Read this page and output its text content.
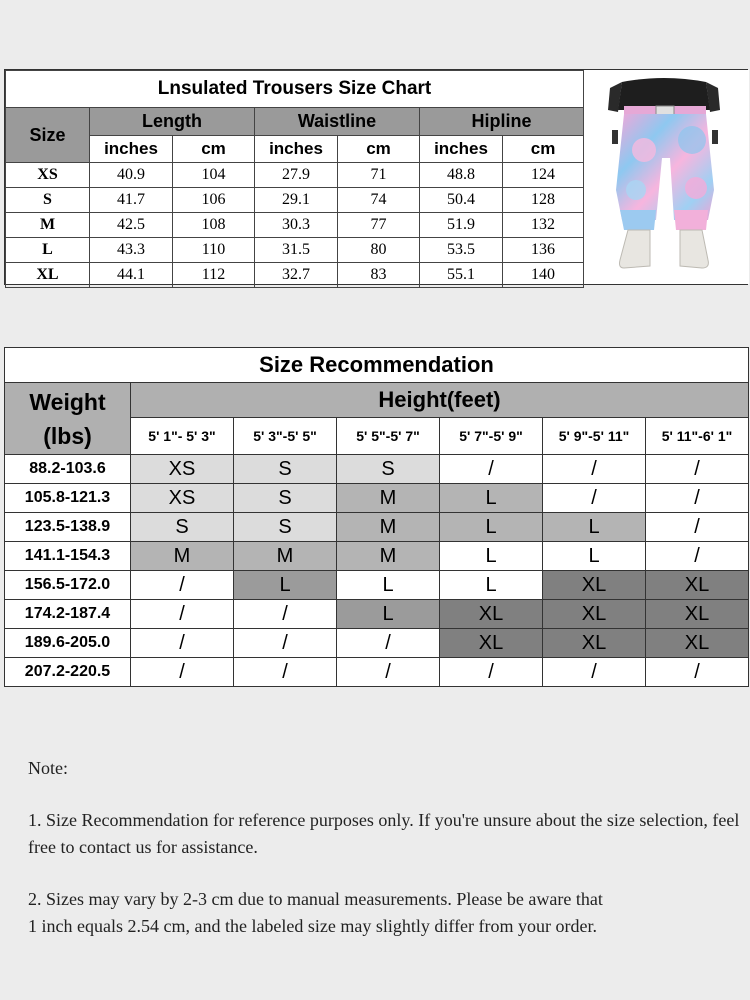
Lnsulated Trousers Size Chart						
Size	Length		Waistline		Hipline	
	inches	cm	inches	cm	inches	cm
XS	40.9	104	27.9	71	48.8	124
S	41.7	106	29.1	74	50.4	128
M	42.5	108	30.3	77	51.9	132
L	43.3	110	31.5	80	53.5	136
XL	44.1	112	32.7	83	55.1	140
Size Recommendation						
Weight
(lbs)	Height(feet)					
	5' 1"- 5' 3"	5' 3"-5' 5"	5' 5"-5' 7"	5' 7"-5' 9"	5' 9"-5' 11"	5' 11"-6' 1"
88.2-103.6	XS	S	S	/	/	/
105.8-121.3	XS	S	M	L	/	/
123.5-138.9	S	S	M	L	L	/
141.1-154.3	M	M	M	L	L	/
156.5-172.0	/	L	L	L	XL	XL
174.2-187.4	/	/	L	XL	XL	XL
189.6-205.0	/	/	/	XL	XL	XL
207.2-220.5	/	/	/	/	/	/

Note:

1. Size Recommendation for reference purposes only. If you're unsure about the size selection, feel free to contact us for assistance.

2. Sizes may vary by 2-3 cm due to manual measurements. Please be aware that

1 inch equals 2.54 cm, and the labeled size may slightly differ from your order.
